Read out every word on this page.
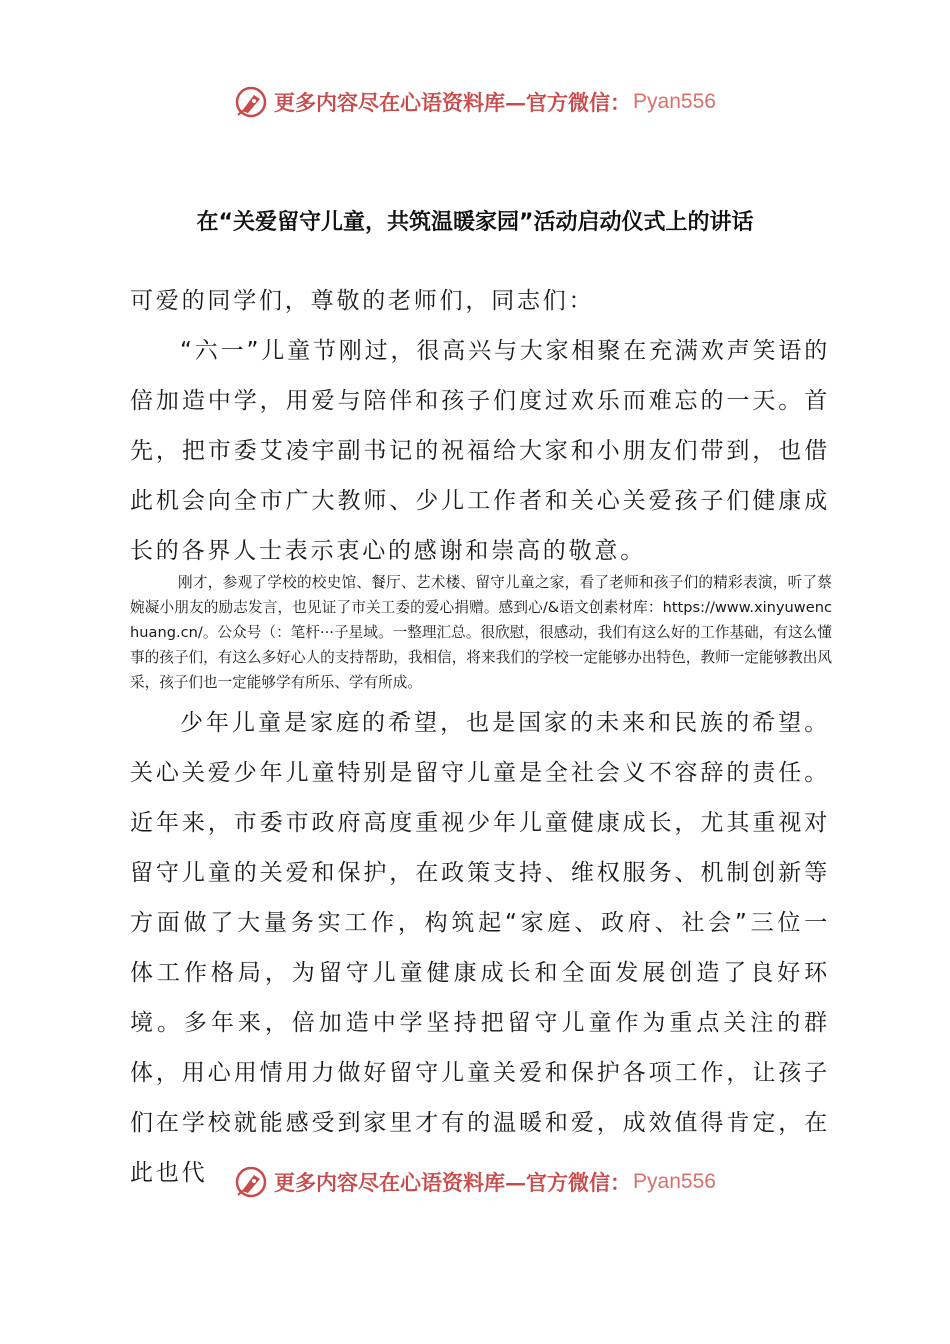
更多内容尽在心语资料库—官方微信： Pyan556
在“关爱留守儿童，共筑温暖家园”活动启动仪式上的讲话

可爱的同学们，尊敬的老师们，同志们：

“六一”儿童节刚过，很高兴与大家相聚在充满欢声笑语的倍加造中学，用爱与陪伴和孩子们度过欢乐而难忘的一天。首先，把市委艾凌宇副书记的祝福给大家和小朋友们带到，也借此机会向全市广大教师、少儿工作者和关心关爱孩子们健康成长的各界人士表示衷心的感谢和崇高的敬意。

刚才，参观了学校的校史馆、餐厅、艺术楼、留守儿童之家，看了老师和孩子们的精彩表演，听了蔡婉凝小朋友的励志发言，也见证了市关工委的爱心捐赠。感到心/&语文创素材库：https://www.xinyuwenchuang.cn/。公众号（：笔杆···子星域。一整理汇总。很欣慰，很感动，我们有这么好的工作基础，有这么懂事的孩子们，有这么多好心人的支持帮助，我相信，将来我们的学校一定能够办出特色，教师一定能够教出风采，孩子们也一定能够学有所乐、学有所成。

少年儿童是家庭的希望，也是国家的未来和民族的希望。关心关爱少年儿童特别是留守儿童是全社会义不容辞的责任。近年来，市委市政府高度重视少年儿童健康成长，尤其重视对留守儿童的关爱和保护，在政策支持、维权服务、机制创新等方面做了大量务实工作，构筑起“家庭、政府、社会”三位一体工作格局，为留守儿童健康成长和全面发展创造了良好环境。多年来，倍加造中学坚持把留守儿童作为重点关注的群体，用心用情用力做好留守儿童关爱和保护各项工作，让孩子们在学校就能感受到家里才有的温暖和爱，成效值得肯定，在此也代	更多内容尽在心语资料库—官方微信： Pyan556
